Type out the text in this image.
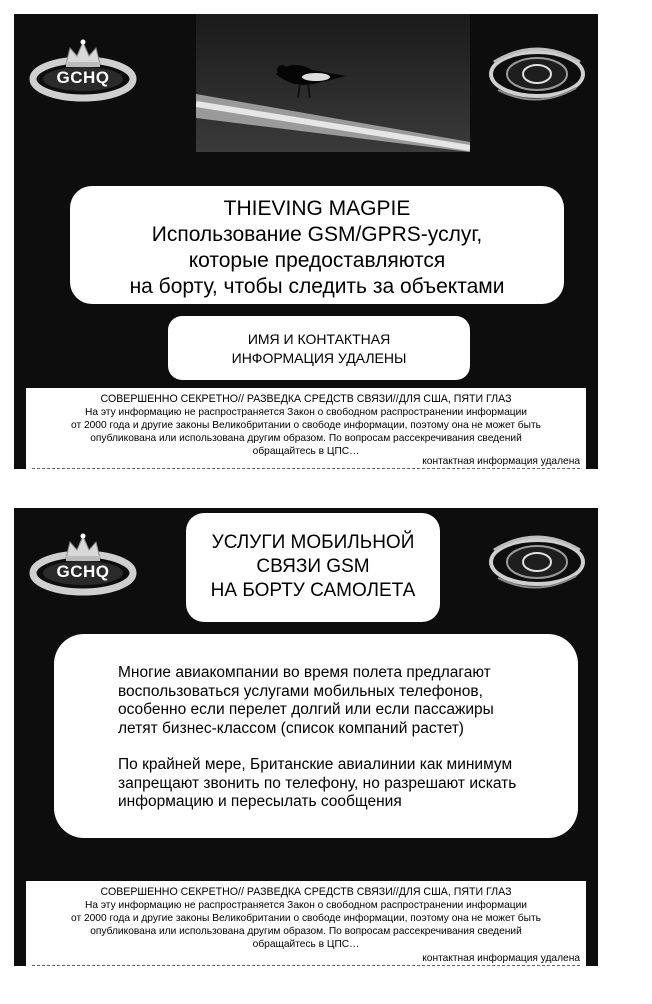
GCHQ
THIEVING MAGPIE
Использование GSM/GPRS-услуг,
которые предоставляются
на борту, чтобы следить за объектами
ИМЯ И КОНТАКТНАЯ
ИНФОРМАЦИЯ УДАЛЕНЫ
СОВЕРШЕННО СЕКРЕТНО// РАЗВЕДКА СРЕДСТВ СВЯЗИ//ДЛЯ США, ПЯТИ ГЛАЗ
На эту информацию не распространяется Закон о свободном распространении информации
от 2000 года и другие законы Великобритании о свободе информации, поэтому она не может быть
опубликована или использована другим образом. По вопросам рассекречивания сведений
обращайтесь в ЦПС…
контактная информация удалена
GCHQ
УСЛУГИ МОБИЛЬНОЙ
СВЯЗИ GSM
НА БОРТУ САМОЛЕТА
Многие авиакомпании во время полета предлагают
воспользоваться услугами мобильных телефонов,
особенно если перелет долгий или если пассажиры
летят бизнес-классом (список компаний растет)
По крайней мере, Британские авиалинии как минимум
запрещают звонить по телефону, но разрешают искать
информацию и пересылать сообщения
СОВЕРШЕННО СЕКРЕТНО// РАЗВЕДКА СРЕДСТВ СВЯЗИ//ДЛЯ США, ПЯТИ ГЛАЗ
На эту информацию не распространяется Закон о свободном распространении информации
от 2000 года и другие законы Великобритании о свободе информации, поэтому она не может быть
опубликована или использована другим образом. По вопросам рассекречивания сведений
обращайтесь в ЦПС…
контактная информация удалена
